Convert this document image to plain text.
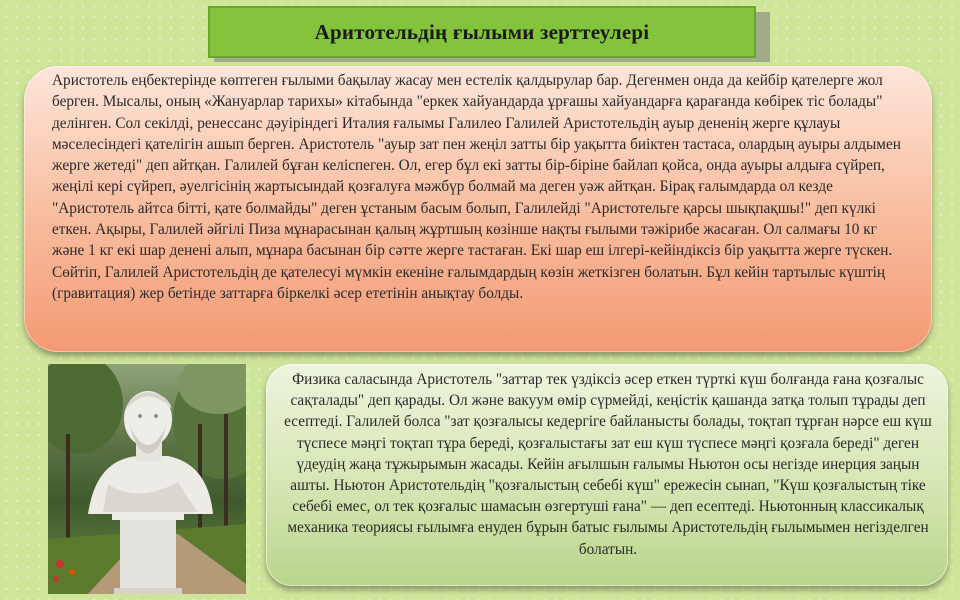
Аритотельдің ғылыми зерттеулері

Аристотель еңбектерінде көптеген ғылыми бақылау жасау мен естелік қалдырулар бар. Дегенмен онда да кейбір қателерге жол берген. Мысалы, оның «Жануарлар тарихы» кітабында "еркек хайуандарда ұрғашы хайуандарға қарағанда көбірек тіс болады" делінген. Сол секілді, ренессанс дәуіріндегі Италия ғалымы Галилео Галилей Аристотельдің ауыр дененің жерге құлауы мәселесіндегі қателігін ашып берген. Аристотель "ауыр зат пен жеңіл затты бір уақытта биіктен тастаса, олардың ауыры алдымен жерге жетеді" деп айтқан. Галилей бұған келіспеген. Ол, егер бұл екі затты бір-біріне байлап қойса, онда ауыры алдыға сүйреп, жеңілі кері сүйреп, әуелгісінің жартысындай қозғалуға мәжбүр болмай ма деген уәж айтқан. Бірақ ғалымдарда ол кезде "Аристотель айтса бітті, қате болмайды" деген ұстаным басым болып, Галилейді "Аристотельге қарсы шықпақшы!" деп күлкі еткен. Ақыры, Галилей әйгілі Пиза мұнарасынан қалың жұртшың көзінше нақты ғылыми тәжірибе жасаған. Ол салмағы 10 кг және 1 кг екі шар денені алып, мұнара басынан бір сәтте жерге тастаған. Екі шар еш ілгері-кейіндіксіз бір уақытта жерге түскен. Сөйтіп, Галилей Аристотельдің де қателесуі мүмкін екеніне ғалымдардың көзін жеткізген болатын. Бұл кейін тартылыс күштің (гравитация) жер бетінде заттарға біркелкі әсер ететінін анықтау болды.

Физика саласында Аристотель "заттар тек үздіксіз әсер еткен түрткі күш болғанда ғана қозғалыс сақталады" деп қарады. Ол және вакуум өмір сүрмейді, кеңістік қашанда затқа толып тұрады деп есептеді. Галилей болса "зат қозғалысы кедергіге байланысты болады, тоқтап тұрған нәрсе еш күш түспесе мәңгі тоқтап тұра береді, қозғалыстағы зат еш күш түспесе мәңгі қозғала береді" деген үдеудің жаңа тұжырымын жасады. Кейін ағылшын ғалымы Ньютон осы негізде инерция заңын ашты. Ньютон Аристотельдің "қозғалыстың себебі күш" ережесін сынап, "Күш қозғалыстың тіке себебі емес, ол тек қозғалыс шамасын өзгертуші ғана" — деп есептеді. Ньютонның классикалық механика теориясы ғылымға енуден бұрын батыс ғылымы Аристотельдің ғылымымен негізделген болатын.
